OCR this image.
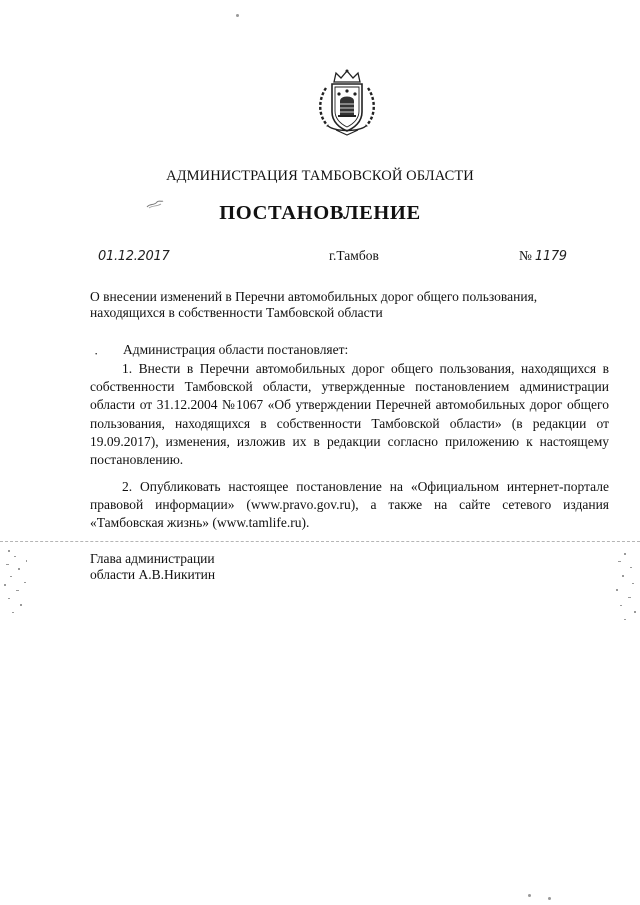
АДМИНИСТРАЦИЯ ТАМБОВСКОЙ ОБЛАСТИ
ПОСТАНОВЛЕНИЕ
01.12.2017	г.Тамбов	№ 1179
О внесении изменений в Перечни автомобильных дорог общего пользования, находящихся в собственности Тамбовской области
· Администрация области постановляет:
1. Внести в Перечни автомобильных дорог общего пользования, находящихся в собственности Тамбовской области, утвержденные постановлением администрации области от 31.12.2004 №1067 «Об утверждении Перечней автомобильных дорог общего пользования, находящихся в собственности Тамбовской области» (в редакции от 19.09.2017), изменения, изложив их в редакции согласно приложению к настоящему постановлению.
2. Опубликовать настоящее постановление на «Официальном интернет-портале правовой информации» (www.pravo.gov.ru), а также на сайте сетевого издания «Тамбовская жизнь» (www.tamlife.ru).
Глава администрации
области А.В.Никитин
